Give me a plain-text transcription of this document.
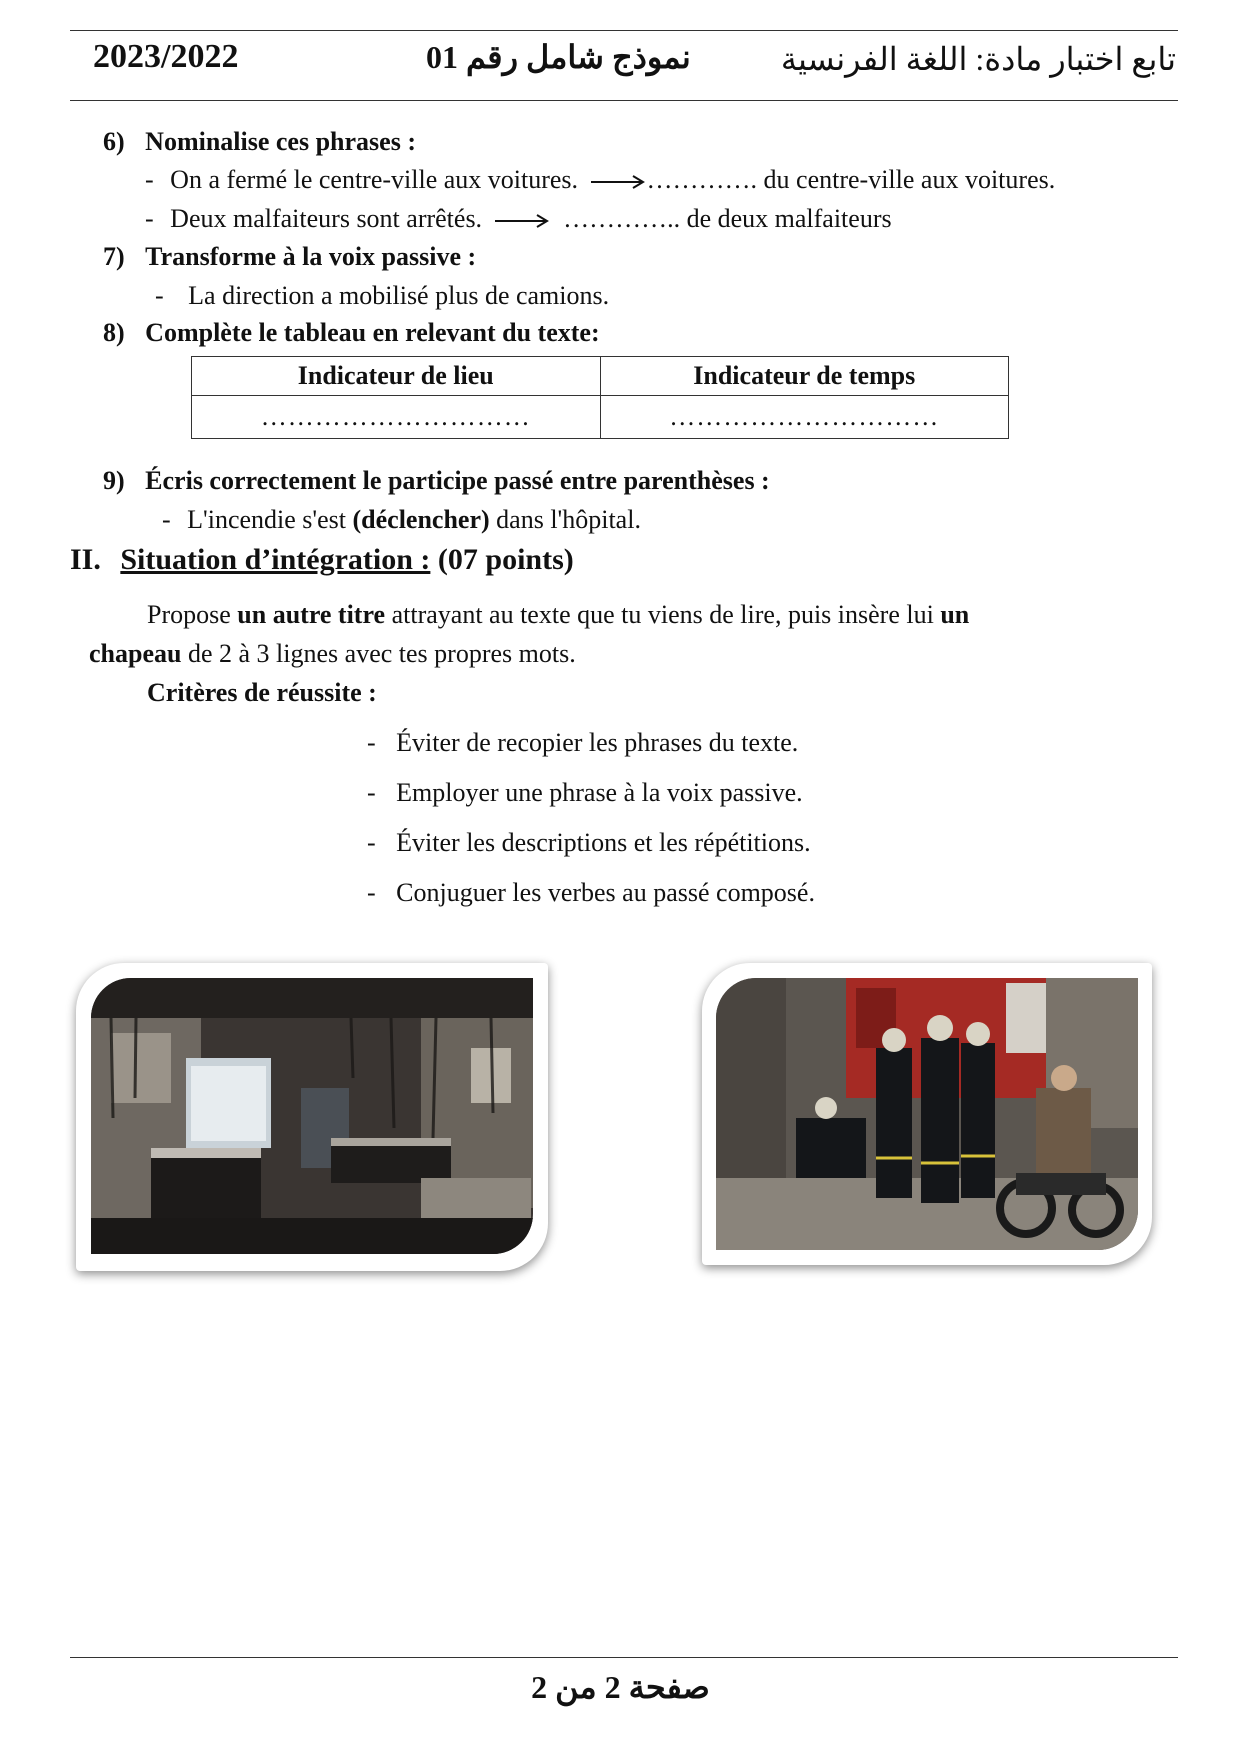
2023/2022	نموذج شامل رقم 01	تابع اختبار مادة: اللغة الفرنسية
6) Nominalise ces phrases :
- On a fermé le centre-ville aux voitures.	…………. du centre-ville aux voitures.
- Deux malfaiteurs sont arrêtés.	………….. de deux malfaiteurs
7) Transforme à la voix passive :
- La direction a mobilisé plus de camions.
8) Complète le tableau en relevant du texte:
Indicateur de lieu	Indicateur de temps
…………………………	…………………………
9) Écris correctement le participe passé entre parenthèses :
- L'incendie s'est (déclencher) dans l'hôpital.
II. Situation d’intégration : (07 points)
Propose un autre titre attrayant au texte que tu viens de lire, puis insère lui un
chapeau de 2 à 3 lignes avec tes propres mots.
Critères de réussite :
- Éviter de recopier les phrases du texte.
- Employer une phrase à la voix passive.
- Éviter les descriptions et les répétitions.
- Conjuguer les verbes au passé composé.
صفحة 2 من 2
